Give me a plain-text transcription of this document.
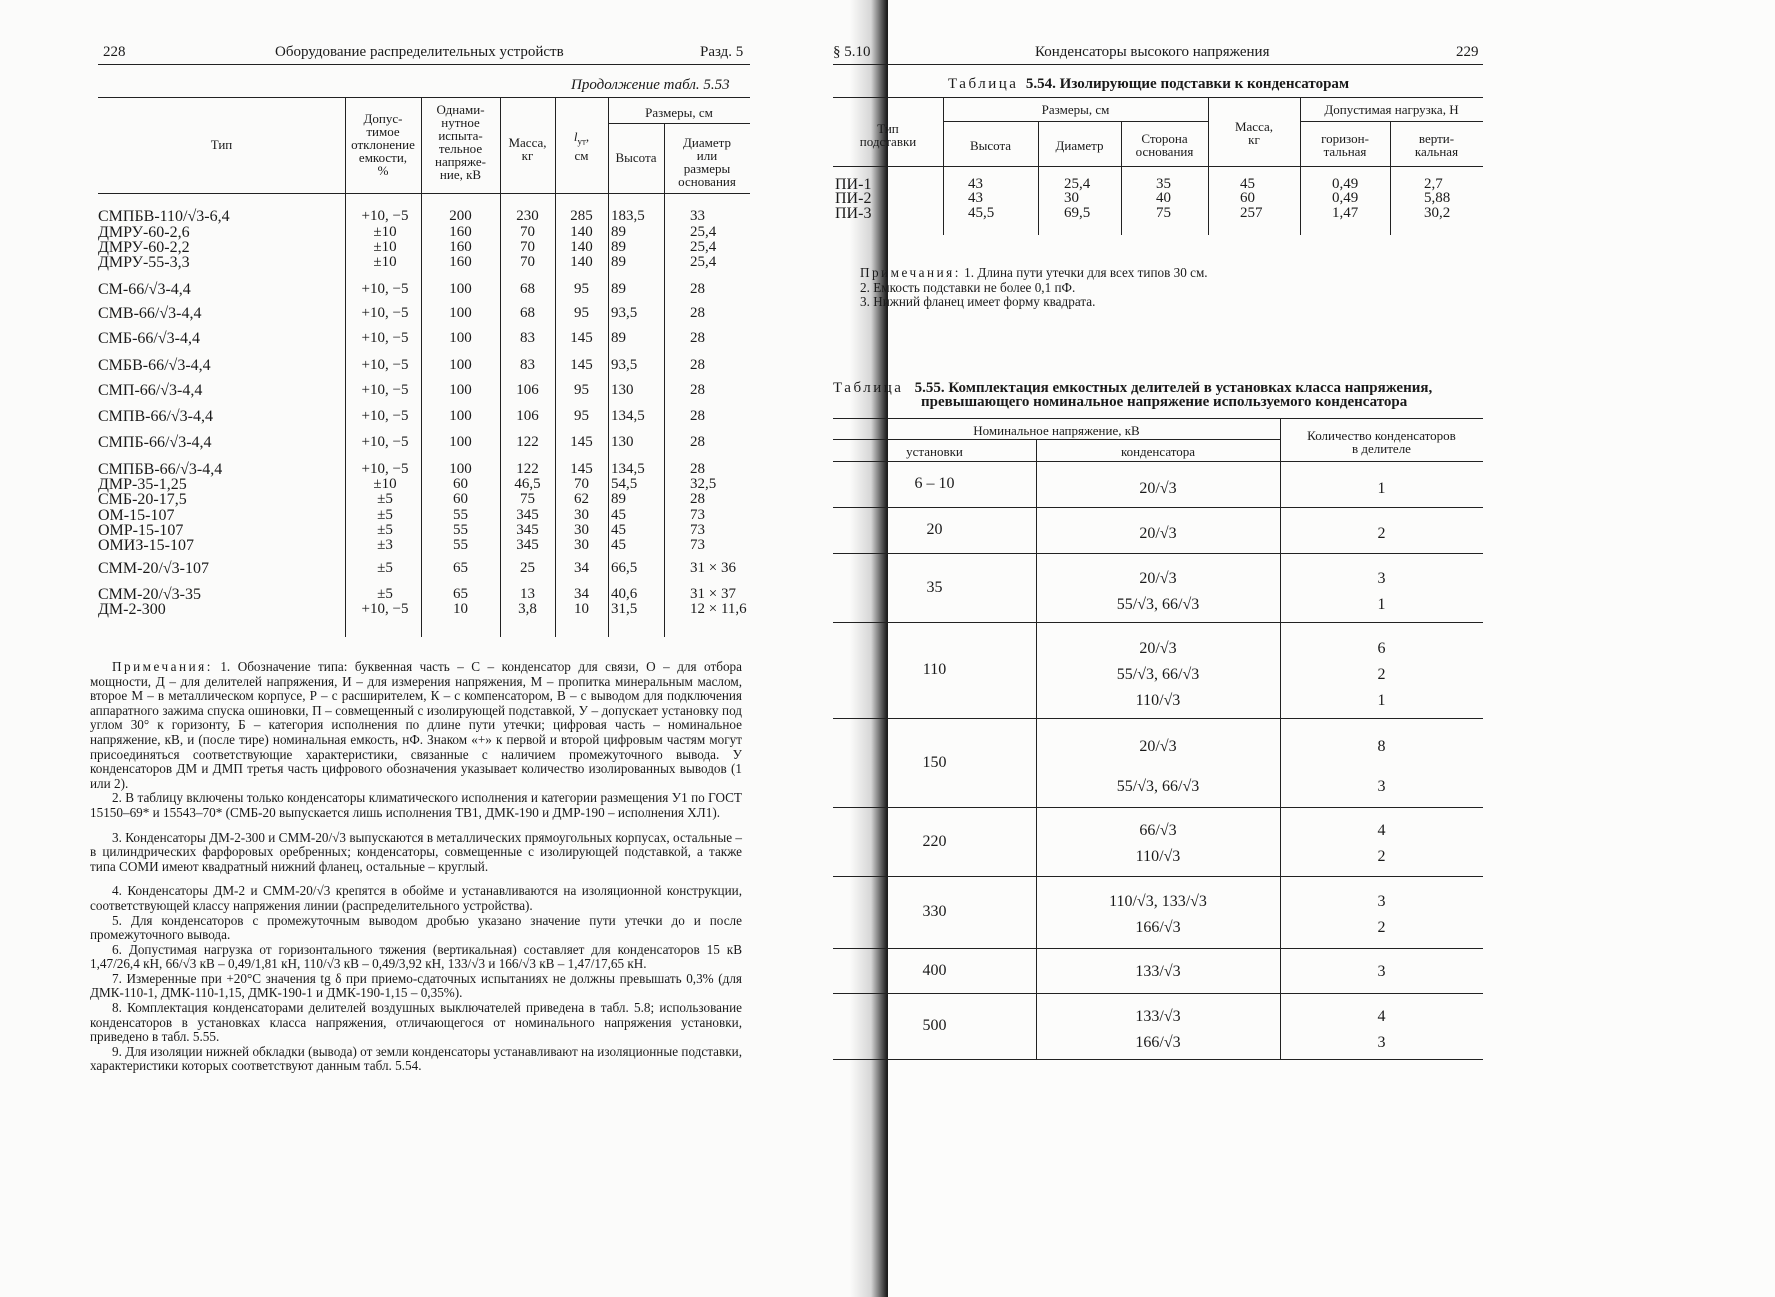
228	Оборудование распределительных устройств	Разд. 5
Продолжение табл. 5.53
Тип
Допус-
тимое
отклонение
емкости,
%
Однами-
нутное
испыта-
тельное
напряже-
ние, кВ
Масса,
кг
$l_{ут}$,
см
Размеры, см
Высота
Диаметр
или
размеры
основания
СМПБВ-110/√3-6,4	+10, −5	200	230	285	183,5	33
ДМРУ-60-2,6	±10	160	70	140	89	25,4
ДМРУ-60-2,2	±10	160	70	140	89	25,4
ДМРУ-55-3,3	±10	160	70	140	89	25,4
СМ-66/√3-4,4	+10, −5	100	68	95	89	28
СМВ-66/√3-4,4	+10, −5	100	68	95	93,5	28
СМБ-66/√3-4,4	+10, −5	100	83	145	89	28
СМБВ-66/√3-4,4	+10, −5	100	83	145	93,5	28
СМП-66/√3-4,4	+10, −5	100	106	95	130	28
СМПВ-66/√3-4,4	+10, −5	100	106	95	134,5	28
СМПБ-66/√3-4,4	+10, −5	100	122	145	130	28
СМПБВ-66/√3-4,4	+10, −5	100	122	145	134,5	28
ДМР-35-1,25	±10	60	46,5	70	54,5	32,5
СМБ-20-17,5	±5	60	75	62	89	28
ОМ-15-107	±5	55	345	30	45	73
ОМР-15-107	±5	55	345	30	45	73
ОМИЗ-15-107	±3	55	345	30	45	73
СММ-20/√3-107	±5	65	25	34	66,5	31 × 36
СММ-20/√3-35	±5	65	13	34	40,6	31 × 37
ДМ-2-300	+10, −5	10	3,8	10	31,5	12 × 11,6

Примечания: 1. Обозначение типа: буквенная часть – С – конденсатор для связи, О – для отбора мощности, Д – для делителей напряжения, И – для измерения напряжения, М – пропитка минеральным маслом, второе М – в металлическом корпусе, Р – с расширителем, К – с компенсатором, В – с выводом для подключения аппаратного зажима спуска ошиновки, П – совмещенный с изолирующей подставкой, У – допускает установку под углом 30° к горизонту, Б – категория исполнения по длине пути утечки; цифровая часть – номинальное напряжение, кВ, и (после тире) номинальная емкость, нФ. Знаком «+» к первой и второй цифровым частям могут присоединяться соответствующие характеристики, связанные с наличием промежуточного вывода. У конденсаторов ДМ и ДМП третья часть цифрового обозначения указывает количество изолированных выводов (1 или 2).

2. В таблицу включены только конденсаторы климатического исполнения и категории размещения У1 по ГОСТ 15150–69* и 15543–70* (СМБ-20 выпускается лишь исполнения ТВ1, ДМК-190 и ДМР-190 – исполнения ХЛ1).

3. Конденсаторы ДМ-2-300 и СММ-20/√3 выпускаются в металлических прямоугольных корпусах, остальные – в цилиндрических фарфоровых оребренных; конденсаторы, совмещенные с изолирующей подставкой, а также типа СОМИ имеют квадратный нижний фланец, остальные – круглый.

4. Конденсаторы ДМ-2 и СММ-20/√3 крепятся в обойме и устанавливаются на изоляционной конструкции, соответствующей классу напряжения линии (распределительного устройства).

5. Для конденсаторов с промежуточным выводом дробью указано значение пути утечки до и после промежуточного вывода.

6. Допустимая нагрузка от горизонтального тяжения (вертикальная) составляет для конденсаторов 15 кВ 1,47/26,4 кН, 66/√3 кВ – 0,49/1,81 кН, 110/√3 кВ – 0,49/3,92 кН, 133/√3 и 166/√3 кВ – 1,47/17,65 кН.

7. Измеренные при +20°С значения tg δ при приемо-сдаточных испытаниях не должны превышать 0,3% (для ДМК-110-1, ДМК-110-1,15, ДМК-190-1 и ДМК-190-1,15 – 0,35%).

8. Комплектация конденсаторами делителей воздушных выключателей приведена в табл. 5.8; использование конденсаторов в установках класса напряжения, отличающегося от номинального напряжения установки, приведено в табл. 5.55.

9. Для изоляции нижней обкладки (вывода) от земли конденсаторы устанавливают на изоляционные подставки, характеристики которых соответствуют данным табл. 5.54.

§ 5.10	Конденсаторы высокого напряжения	229
Таблица 5.54. Изолирующие подставки к конденсаторам
Тип
подставки
Размеры, см
Высота	Диаметр	Сторона
основания
Масса,
кг
Допустимая нагрузка, Н
горизон-
тальная
верти-
кальная
ПИ-1	43	25,4	35	45	0,49	2,7
ПИ-2	43	30	40	60	0,49	5,88
ПИ-3	45,5	69,5	75	257	1,47	30,2
Примечания: 1. Длина пути утечки для всех типов 30 см.
2. Емкость подставки не более 0,1 пФ.
3. Нижний фланец имеет форму квадрата.
Таблица 5.55. Комплектация емкостных делителей в установках класса напряжения,
превышающего номинальное напряжение используемого конденсатора
Номинальное напряжение, кВ
установки	конденсатора
Количество конденсаторов
в делителе
6 – 10	20/√3	1
20	20/√3	2
35	20/√3	3
55/√3, 66/√3	1
110
20/√3	6
55/√3, 66/√3	2
110/√3	1
150
20/√3	8
55/√3, 66/√3	3
220
66/√3	4
110/√3	2
330
110/√3, 133/√3	3
166/√3	2
400	133/√3	3
500
133/√3	4
166/√3	3
